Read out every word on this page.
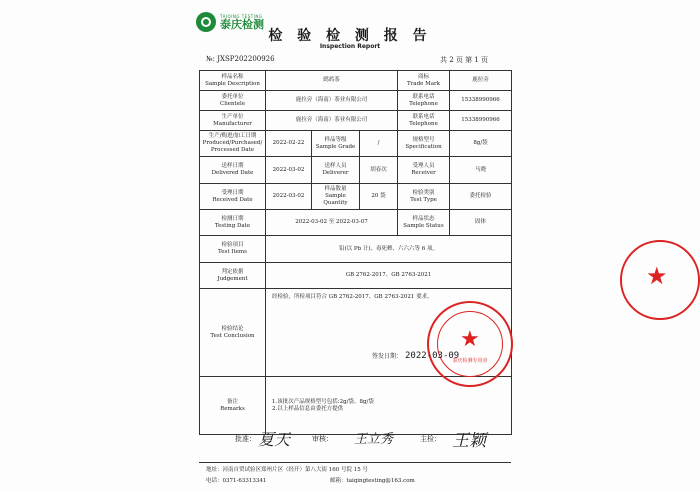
TAIQING TESTING
泰庆检测
检 验 检 测 报 告
Inspection Report
№: JXSP202200926	共 2 页 第 1 页
样品名称
Sample Description	鹧鸪茶			商标
Trade Mark	鹿拉旁

委托单位
Clientele	鹿拉旁（海南）茶业有限公司			联系电话
Telephone	15338990966

生产单位
Manufacturer	鹿拉旁（海南）茶业有限公司			联系电话
Telephone	15338990966

生产/购进/加工日期
Produced/Purchased/
Processed Date	2022-02-22	样品等级
Sample Grade	/	规格型号
Specification	8g/袋

送样日期
Delivered Date	2022-03-02	送样人员
Deliverer	胡春次	受理人员
Receiver	马晓

受理日期
Received Date	2022-03-02	样品数量
Sample Quantity	20 袋	检验类别
Test Type	委托检验

检测日期
Testing Date	2022-03-02 至 2022-03-07			样品状态
Sample Status	固体

检验项目
Test Items	铅(以 Pb 计)、毒死蜱、六六六等 6 项。				

判定依据
Judgement	GB 2762-2017、GB 2763-2021				

检验结论
Test Conclusion	经检验，所检项目符合 GB 2762-2017、GB 2763-2021 要求。				

备注
Remarks	1.该批次产品规格型号包括:2g/袋、8g/袋
2.以上样品信息由委托方提供				
★
泰庆检测专用章
★
签发日期： 2022-03-09
批准： 夏天	审核： 王立秀	主检： 王颖
地址：河南自贸试验区郑州片区（经开）第八大街 160 号院 15 号
电话：0371-63313341	邮箱：taiqingtesting@163.com
